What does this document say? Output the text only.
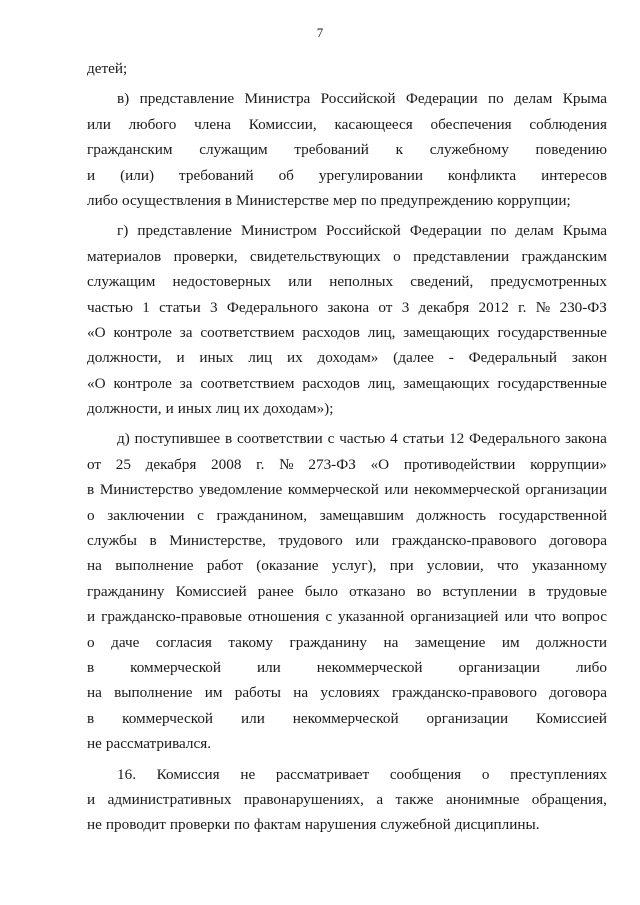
7
детей;
в) представление Министра Российской Федерации по делам Крыма
или любого члена Комиссии, касающееся обеспечения соблюдения
гражданским служащим требований к служебному поведению
и (или) требований об урегулировании конфликта интересов
либо осуществления в Министерстве мер по предупреждению коррупции;
г) представление Министром Российской Федерации по делам Крыма
материалов проверки, свидетельствующих о представлении гражданским
служащим недостоверных или неполных сведений, предусмотренных
частью 1 статьи 3 Федерального закона от 3 декабря 2012 г. № 230-ФЗ
«О контроле за соответствием расходов лиц, замещающих государственные
должности, и иных лиц их доходам» (далее - Федеральный закон
«О контроле за соответствием расходов лиц, замещающих государственные
должности, и иных лиц их доходам»);
д) поступившее в соответствии с частью 4 статьи 12 Федерального закона
от 25 декабря 2008 г. № 273-ФЗ «О противодействии коррупции»
в Министерство уведомление коммерческой или некоммерческой организации
о заключении с гражданином, замещавшим должность государственной
службы в Министерстве, трудового или гражданско-правового договора
на выполнение работ (оказание услуг), при условии, что указанному
гражданину Комиссией ранее было отказано во вступлении в трудовые
и гражданско-правовые отношения с указанной организацией или что вопрос
о даче согласия такому гражданину на замещение им должности
в коммерческой или некоммерческой организации либо
на выполнение им работы на условиях гражданско-правового договора
в коммерческой или некоммерческой организации Комиссией
не рассматривался.
16. Комиссия не рассматривает сообщения о преступлениях
и административных правонарушениях, а также анонимные обращения,
не проводит проверки по фактам нарушения служебной дисциплины.
